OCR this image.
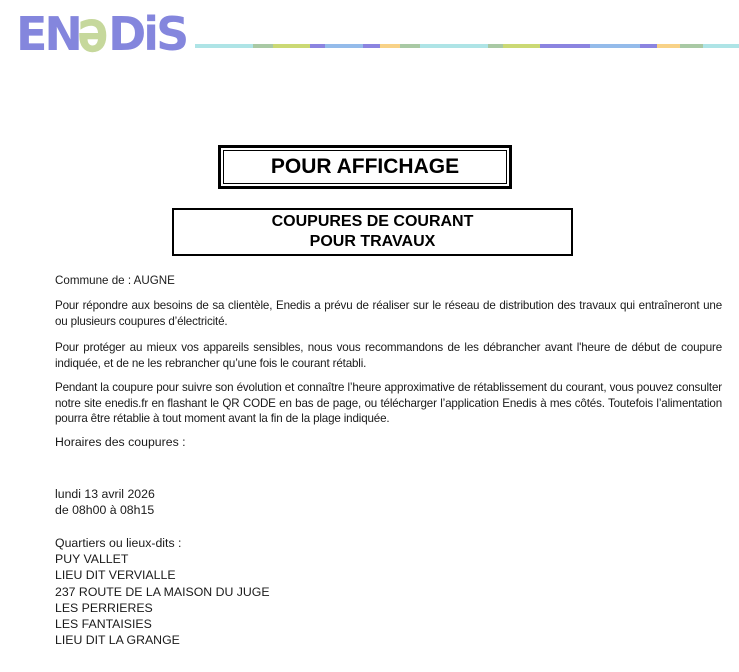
ENeDiS
POUR AFFICHAGE
COUPURES DE COURANT
POUR TRAVAUX
Commune de : AUGNE

Pour répondre aux besoins de sa clientèle, Enedis a prévu de réaliser sur le réseau de distribution des travaux qui entraîneront une ou plusieurs coupures d’électricité.

Pour protéger au mieux vos appareils sensibles, nous vous recommandons de les débrancher avant l'heure de début de coupure indiquée, et de ne les rebrancher qu’une fois le courant rétabli.

Pendant la coupure pour suivre son évolution et connaître l’heure approximative de rétablissement du courant, vous pouvez consulter notre site enedis.fr en flashant le QR CODE en bas de page, ou télécharger l’application Enedis à mes côtés. Toutefois l’alimentation pourra être rétablie à tout moment avant la fin de la plage indiquée.

Horaires des coupures :
lundi 13 avril 2026
de 08h00 à 08h15
Quartiers ou lieux-dits :
PUY VALLET
LIEU DIT VERVIALLE
237 ROUTE DE LA MAISON DU JUGE
LES PERRIERES
LES FANTAISIES
LIEU DIT LA GRANGE
